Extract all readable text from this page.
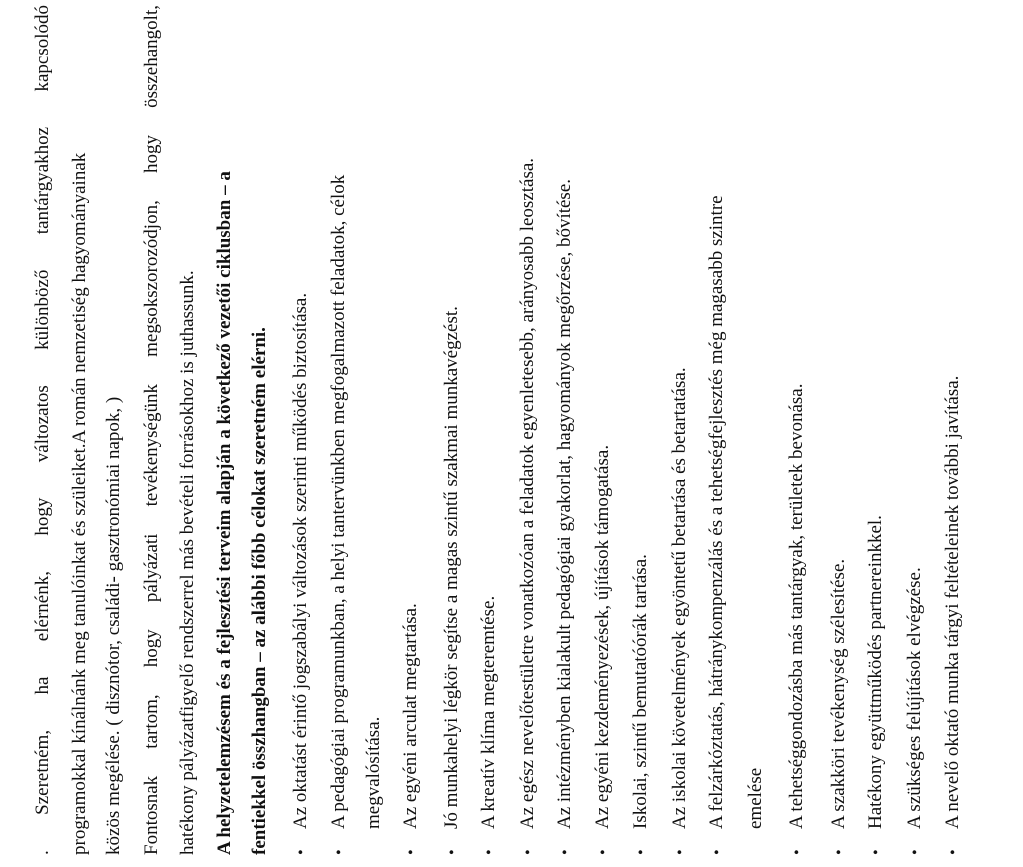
. Szeretném, ha elérnénk, hogy változatos különböző tantárgyakhoz kapcsolódó programokkal kínálnánk meg tanulóinkat és szüleiket.A román nemzetiség hagyományainak közös megélése. ( disznótor, családi- gasztronómiai napok, ) Fontosnak tartom, hogy pályázati tevékenységünk megsokszorozódjon, hogy összehangolt, hatékony pályázatfigyelő rendszerrel más bevételi forrásokhoz is juthassunk. A helyzetelemzésem és a fejlesztési terveim alapján a következő vezetői ciklusban – a fentiekkel összhangban – az alábbi főbb célokat szeretném elérni. •Az oktatást érintő jogszabályi változások szerinti működés biztosítása.
•A pedagógiai programunkban, a helyi tantervünkben megfogalmazott feladatok, célok megvalósítása.
•Az egyéni arculat megtartása.
•Jó munkahelyi légkör segítse a magas szintű szakmai munkavégzést.
•A kreatív klíma megteremtése.
•Az egész nevelőtestületre vonatkozóan a feladatok egyenletesebb, arányosabb leosztása.
•Az intézményben kialakult pedagógiai gyakorlat, hagyományok megőrzése, bővítése.
•Az egyéni kezdeményezések, újítások támogatása.
•Iskolai, szintű bemutatóórák tartása.
•Az iskolai követelmények egyöntetű betartása és betartatása.
•A felzárkóztatás, hátránykompenzálás és a tehetségfejlesztés még magasabb szintre emelése
•A tehetséggondozásba más tantárgyak, területek bevonása.
•A szakköri tevékenység szélesítése.
•Hatékony együttműködés partnereinkkel.
•A szükséges felújítások elvégzése.
•A nevelő oktató munka tárgyi feltételeinek további javítása.
